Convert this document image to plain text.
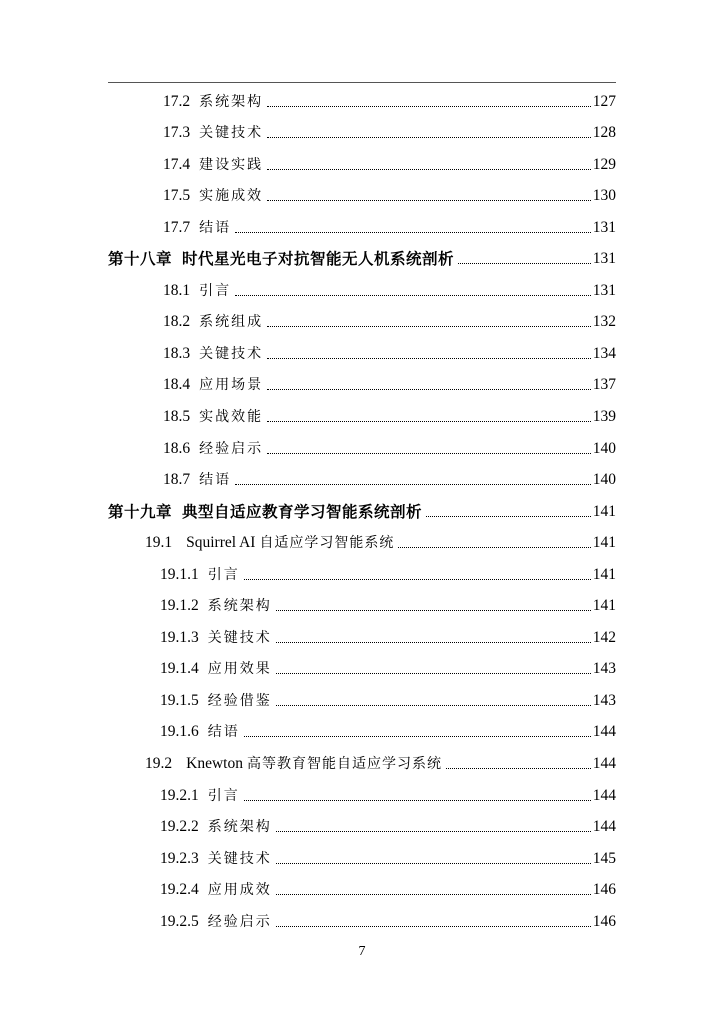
17.2 系统架构	127
17.3 关键技术	128
17.4 建设实践	129
17.5 实施成效	130
17.7 结语	131
第十八章 时代星光电子对抗智能无人机系统剖析	131
18.1 引言	131
18.2 系统组成	132
18.3 关键技术	134
18.4 应用场景	137
18.5 实战效能	139
18.6 经验启示	140
18.7 结语	140
第十九章 典型自适应教育学习智能系统剖析	141
19.1 Squirrel AI 自适应学习智能系统	141
19.1.1 引言	141
19.1.2 系统架构	141
19.1.3 关键技术	142
19.1.4 应用效果	143
19.1.5 经验借鉴	143
19.1.6 结语	144
19.2 Knewton 高等教育智能自适应学习系统	144
19.2.1 引言	144
19.2.2 系统架构	144
19.2.3 关键技术	145
19.2.4 应用成效	146
19.2.5 经验启示	146
7
